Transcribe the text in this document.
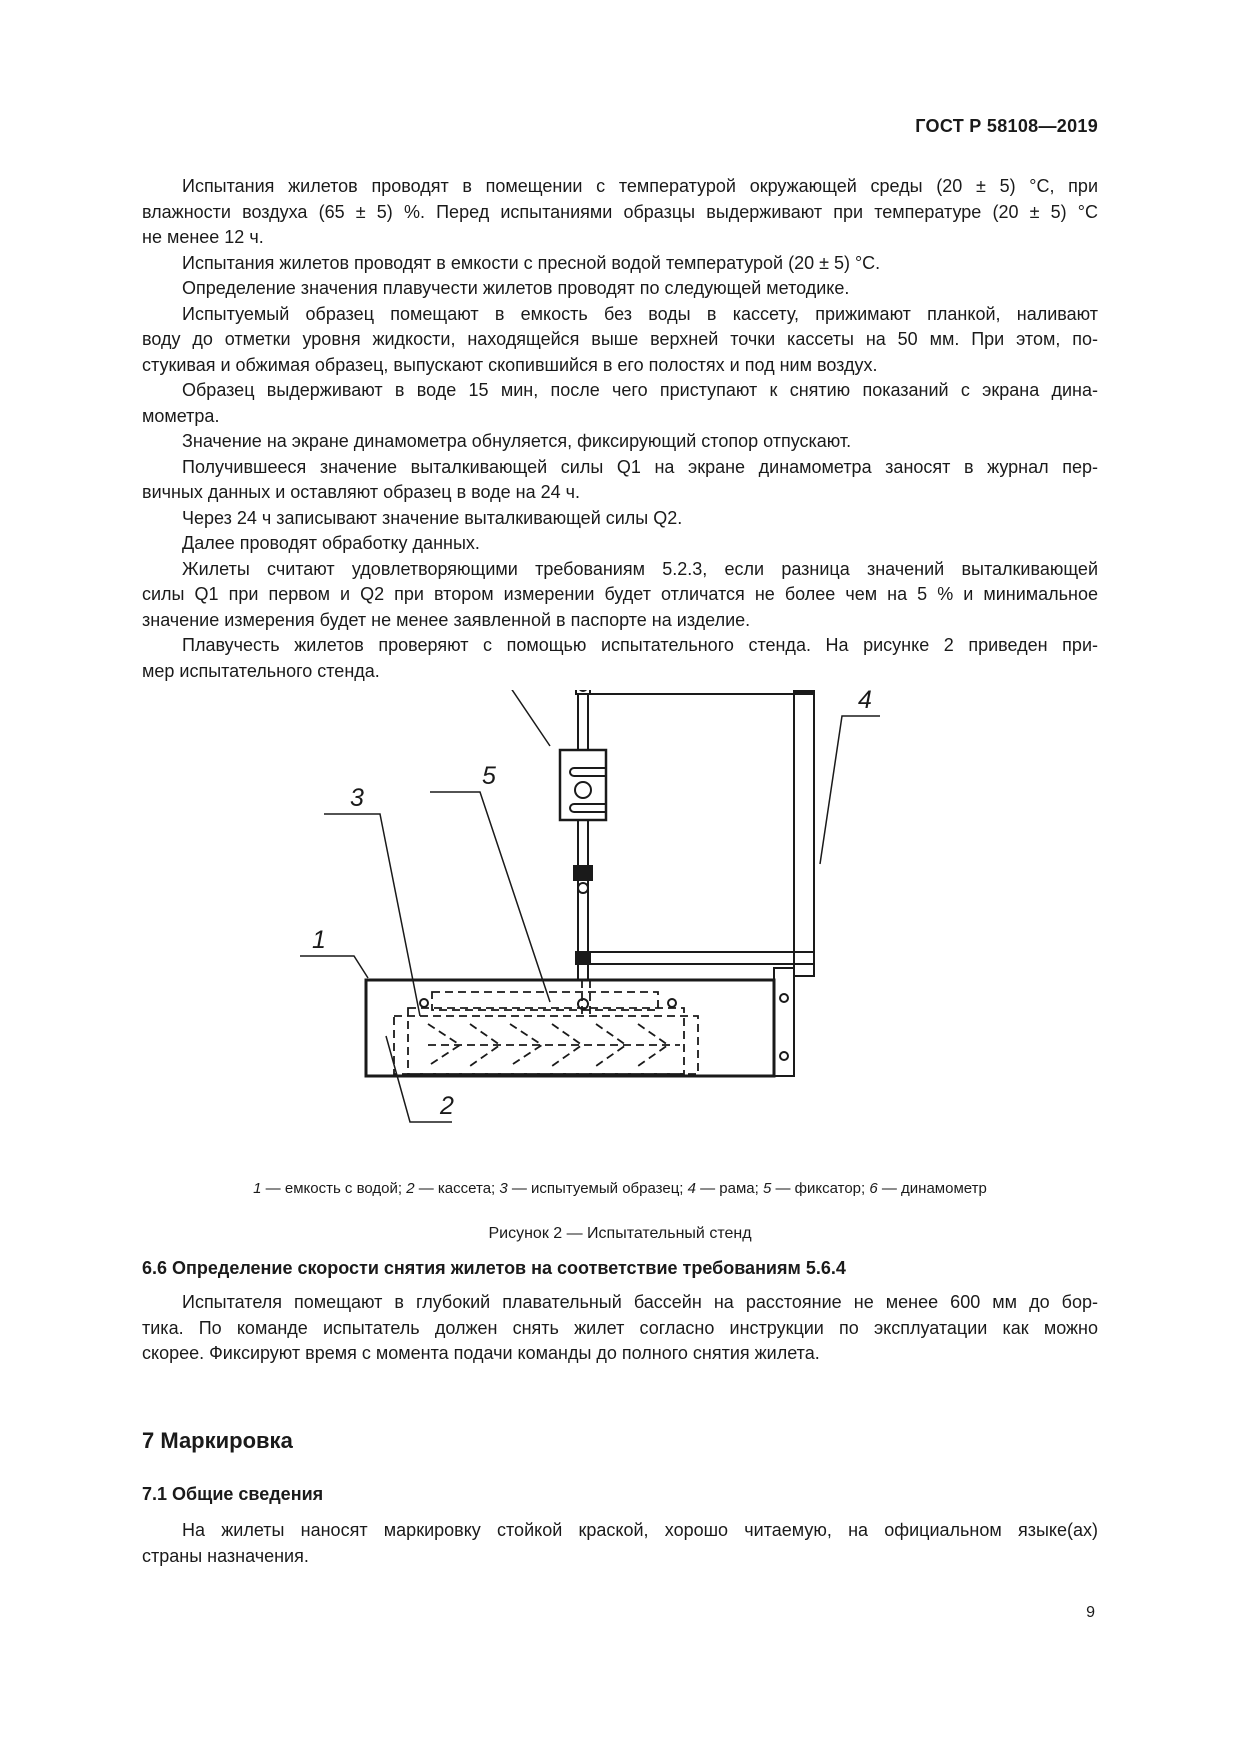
ГОСТ Р 58108—2019
Испытания жилетов проводят в помещении с температурой окружающей среды (20 ± 5) °C, при
влажности воздуха (65 ± 5) %. Перед испытаниями образцы выдерживают при температуре (20 ± 5) °C
не менее 12 ч.
Испытания жилетов проводят в емкости с пресной водой температурой (20 ± 5) °C.
Определение значения плавучести жилетов проводят по следующей методике.
Испытуемый образец помещают в емкость без воды в кассету, прижимают планкой, наливают
воду до отметки уровня жидкости, находящейся выше верхней точки кассеты на 50 мм. При этом, по-
стукивая и обжимая образец, выпускают скопившийся в его полостях и под ним воздух.
Образец выдерживают в воде 15 мин, после чего приступают к снятию показаний с экрана дина-
мометра.
Значение на экране динамометра обнуляется, фиксирующий стопор отпускают.
Получившееся значение выталкивающей силы Q1 на экране динамометра заносят в журнал пер-
вичных данных и оставляют образец в воде на 24 ч.
Через 24 ч записывают значение выталкивающей силы Q2.
Далее проводят обработку данных.
Жилеты считают удовлетворяющими требованиям 5.2.3, если разница значений выталкивающей
силы Q1 при первом и Q2 при втором измерении будет отличатся не более чем на 5 % и минимальное
значение измерения будет не менее заявленной в паспорте на изделие.
Плавучесть жилетов проверяют с помощью испытательного стенда. На рисунке 2 приведен при-
мер испытательного стенда.
1
2
3
4
5
1 — емкость с водой; 2 — кассета; 3 — испытуемый образец; 4 — рама; 5 — фиксатор; 6 — динамометр
Рисунок 2 — Испытательный стенд
6.6 Определение скорости снятия жилетов на соответствие требованиям 5.6.4
Испытателя помещают в глубокий плавательный бассейн на расстояние не менее 600 мм до бор-
тика. По команде испытатель должен снять жилет согласно инструкции по эксплуатации как можно
скорее. Фиксируют время с момента подачи команды до полного снятия жилета.
7 Маркировка
7.1 Общие сведения
На жилеты наносят маркировку стойкой краской, хорошо читаемую, на официальном языке(ах)
страны назначения.
9
